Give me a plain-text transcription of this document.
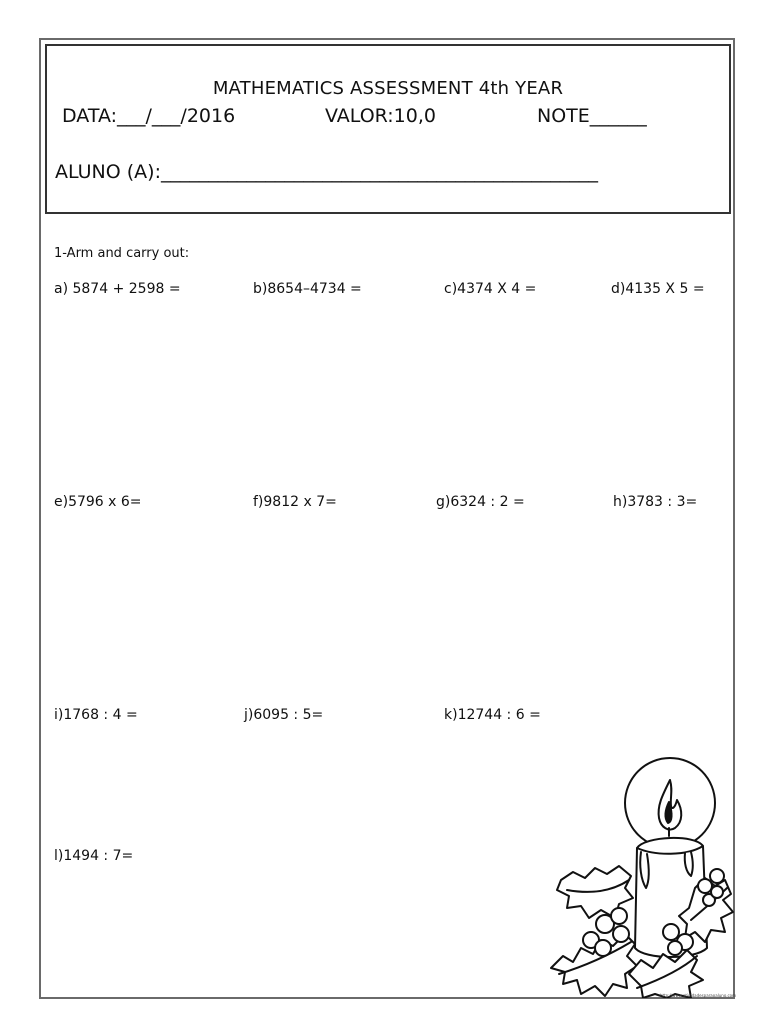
MATHEMATICS ASSESSMENT 4th YEAR
DATA:___/___/2016	VALOR:10,0	NOTE______
ALUNO (A):______________________________________________
1-Arm and carry out:
a) 5874 + 2598 =	b)8654–4734 =	c)4374 X 4 =	d)4135 X 5 =
e)5796 x 6=	f)9812 x 7=	g)6324 : 2 =	h)3783 : 3=
i)1768 : 4 =	j)6095 : 5=	k)12744 : 6 =
l)1494 : 7=
http://www.atividadesparaoaluno.com
